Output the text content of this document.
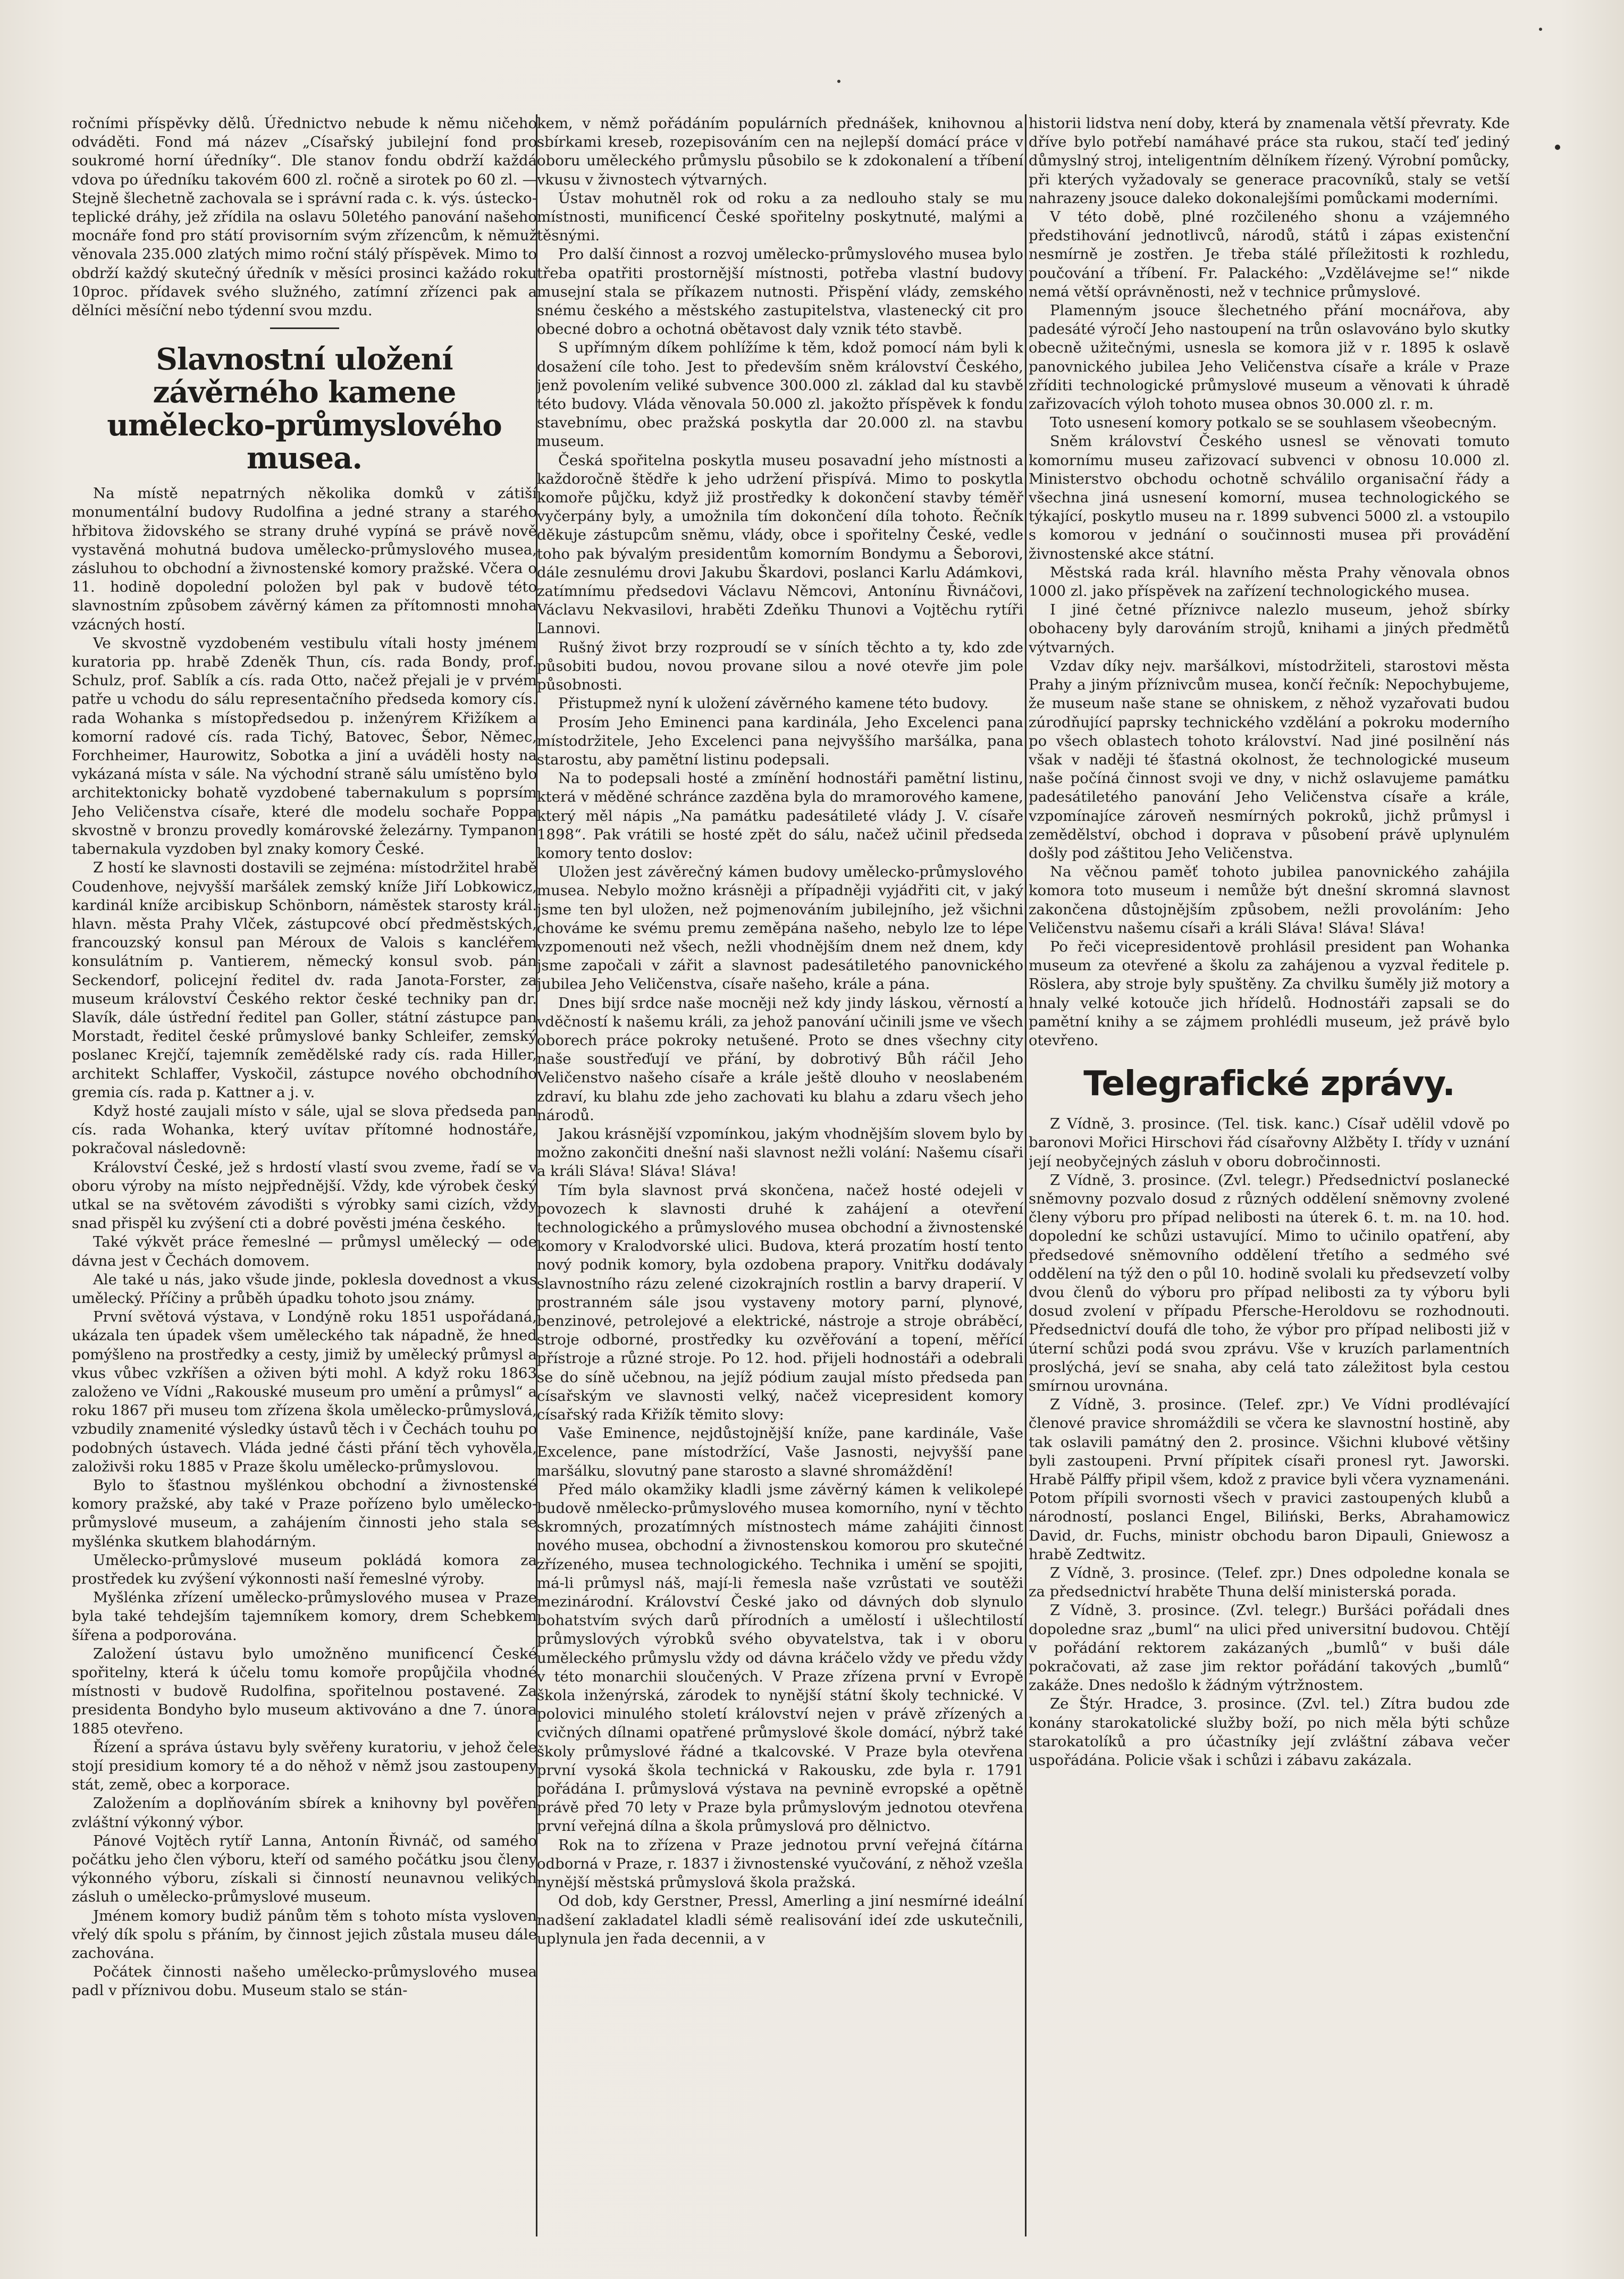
ročními příspěvky dělů. Úřednictvo nebude k němu ničeho odváděti. Fond má název „Císařský jubilejní fond pro soukromé horní úředníky“. Dle stanov fondu obdrží každá vdova po úředníku takovém 600 zl. ročně a sirotek po 60 zl. — Stejně šlechetně zachovala se i správní rada c. k. výs. ústecko-teplické dráhy, jež zřídila na oslavu 50letého panování našeho mocnáře fond pro státí provisorním svým zřízencům, k němuž věnovala 235.000 zlatých mimo roční stálý příspěvek. Mimo to obdrží každý skutečný úředník v měsíci prosinci kažádo roku 10proc. přídavek svého služného, zatímní zřízenci pak a dělníci měsíční nebo týdenní svou mzdu.

Slavnostní uložení závěrného kamene umělecko-průmyslového musea.

Na místě nepatrných několika domků v zátiší monumentální budovy Rudolfina a jedné strany a starého hřbitova židovského se strany druhé vypíná se právě nově vystavěná mohutná budova umělecko-průmyslového musea, zásluhou to obchodní a živnostenské komory pražské. Včera o 11. hodině dopolední položen byl pak v budově této slavnostním způsobem závěrný kámen za přítomnosti mnoha vzácných hostí.

Ve skvostně vyzdobeném vestibulu vítali hosty jménem kuratoria pp. hrabě Zdeněk Thun, cís. rada Bondy, prof. Schulz, prof. Sablík a cís. rada Otto, načež přejali je v prvém patře u vchodu do sálu representačního předseda komory cís. rada Wohanka s místopředsedou p. inženýrem Křižíkem a komorní radové cís. rada Tichý, Batovec, Šebor, Němec, Forchheimer, Haurowitz, Sobotka a jiní a uváděli hosty na vykázaná místa v sále. Na východní straně sálu umístěno bylo architektonicky bohatě vyzdobené tabernakulum s poprsím Jeho Veličenstva císaře, které dle modelu sochaře Poppa skvostně v bronzu provedly komárovské železárny. Tympanon tabernakula vyzdoben byl znaky komory České.

Z hostí ke slavnosti dostavili se zejména: místodržitel hrabě Coudenhove, nejvyšší maršálek zemský kníže Jiří Lobkowicz, kardinál kníže arcibiskup Schönborn, náměstek starosty král. hlavn. města Prahy Vlček, zástupcové obcí předměstských, francouzský konsul pan Méroux de Valois s kancléřem konsulátním p. Vantierem, německý konsul svob. pán Seckendorf, policejní ředitel dv. rada Janota-Forster, za museum království Českého rektor české techniky pan dr. Slavík, dále ústřední ředitel pan Goller, státní zástupce pan Morstadt, ředitel české průmyslové banky Schleifer, zemský poslanec Krejčí, tajemník zemědělské rady cís. rada Hiller, architekt Schlaffer, Vyskočil, zástupce nového obchodního gremia cís. rada p. Kattner a j. v.

Když hosté zaujali místo v sále, ujal se slova předseda pan cís. rada Wohanka, který uvítav přítomné hodnostáře, pokračoval následovně:

Království České, jež s hrdostí vlastí svou zveme, řadí se v oboru výroby na místo nejpřednější. Vždy, kde výrobek český utkal se na světovém závodišti s výrobky sami cizích, vždy snad přispěl ku zvýšení cti a dobré pověsti jména českého.

Také výkvět práce řemeslné — průmysl umělecký — ode dávna jest v Čechách domovem.

Ale také u nás, jako všude jinde, poklesla dovednost a vkus umělecký. Příčiny a průběh úpadku tohoto jsou známy.

První světová výstava, v Londýně roku 1851 uspořádaná, ukázala ten úpadek všem uměleckého tak nápadně, že hned pomýšleno na prostředky a cesty, jimiž by umělecký průmysl a vkus vůbec vzkříšen a oživen býti mohl. A když roku 1863 založeno ve Vídni „Rakouské museum pro umění a průmysl“ a roku 1867 při museu tom zřízena škola umělecko-průmyslová, vzbudily znamenité výsledky ústavů těch i v Čechách touhu po podobných ústavech. Vláda jedné části přání těch vyhověla, založivši roku 1885 v Praze školu umělecko-průmyslovou.

Bylo to šťastnou myšlénkou obchodní a živnostenské komory pražské, aby také v Praze pořízeno bylo umělecko-průmyslové museum, a zahájením činnosti jeho stala se myšlénka skutkem blahodárným.

Umělecko-průmyslové museum pokládá komora za prostředek ku zvýšení výkonnosti naší řemeslné výroby.

Myšlénka zřízení umělecko-průmyslového musea v Praze byla také tehdejším tajemníkem komory, drem Schebkem šířena a podporována.

Založení ústavu bylo umožněno munificencí České spořitelny, která k účelu tomu komoře propůjčila vhodné místnosti v budově Rudolfina, spořitelnou postavené. Za presidenta Bondyho bylo museum aktivováno a dne 7. února 1885 otevřeno.

Řízení a správa ústavu byly svěřeny kuratoriu, v jehož čele stojí presidium komory té a do něhož v němž jsou zastoupeny stát, země, obec a korporace.

Založením a doplňováním sbírek a knihovny byl pověřen zvláštní výkonný výbor.

Pánové Vojtěch rytíř Lanna, Antonín Řivnáč, od samého počátku jeho člen výboru, kteří od samého počátku jsou členy výkonného výboru, získali si činností neunavnou velikých zásluh o umělecko-průmyslové museum.

Jménem komory budiž pánům těm s tohoto místa vysloven vřelý dík spolu s přáním, by činnost jejich zůstala museu dále zachována.

Počátek činnosti našeho umělecko-průmyslového musea padl v příznivou dobu. Museum stalo se stán-

kem, v němž pořádáním populárních přednášek, knihovnou a sbírkami kreseb, rozepisováním cen na nejlepší domácí práce v oboru uměleckého průmyslu působilo se k zdokonalení a tříbení vkusu v živnostech výtvarných.

Ústav mohutněl rok od roku a za nedlouho staly se mu místnosti, munificencí České spořitelny poskytnuté, malými a těsnými.

Pro další činnost a rozvoj umělecko-průmyslového musea bylo třeba opatřiti prostornější místnosti, potřeba vlastní budovy musejní stala se příkazem nutnosti. Přispění vlády, zemského snému českého a městského zastupitelstva, vlastenecký cit pro obecné dobro a ochotná obětavost daly vznik této stavbě.

S upřímným díkem pohlížíme k těm, kdož pomocí nám byli k dosažení cíle toho. Jest to především sněm království Českého, jenž povolením veliké subvence 300.000 zl. základ dal ku stavbě této budovy. Vláda věnovala 50.000 zl. jakožto příspěvek k fondu stavebnímu, obec pražská poskytla dar 20.000 zl. na stavbu museum.

Česká spořitelna poskytla museu posavadní jeho místnosti a každoročně štědře k jeho udržení přispívá. Mimo to poskytla komoře půjčku, když již prostředky k dokončení stavby téměř vyčerpány byly, a umožnila tím dokončení díla tohoto. Řečník děkuje zástupcům sněmu, vlády, obce i spořitelny České, vedle toho pak bývalým presidentům komorním Bondymu a Šeborovi, dále zesnulému drovi Jakubu Škardovi, poslanci Karlu Adámkovi, zatímnímu předsedovi Václavu Němcovi, Antonínu Řivnáčovi, Václavu Nekvasilovi, hraběti Zdeňku Thunovi a Vojtěchu rytíři Lannovi.

Rušný život brzy rozproudí se v síních těchto a ty, kdo zde působiti budou, novou provane silou a nové otevře jim pole působnosti.

Přistupmež nyní k uložení závěrného kamene této budovy.

Prosím Jeho Eminenci pana kardinála, Jeho Excelenci pana místodržitele, Jeho Excelenci pana nejvyššího maršálka, pana starostu, aby pamětní listinu podepsali.

Na to podepsali hosté a zmínění hodnostáři pamětní listinu, která v měděné schránce zazděna byla do mramorového kamene, který měl nápis „Na památku padesátileté vlády J. V. císaře 1898“. Pak vrátili se hosté zpět do sálu, načež učinil předseda komory tento doslov:

Uložen jest závěrečný kámen budovy umělecko-průmyslového musea. Nebylo možno krásněji a případněji vyjádřiti cit, v jaký jsme ten byl uložen, než pojmenováním jubilejního, jež všichni chováme ke svému premu zeměpána našeho, nebylo lze to lépe vzpomenouti než všech, nežli vhodnějším dnem než dnem, kdy jsme započali v zářit a slavnost padesátiletého panovnického jubilea Jeho Veličenstva, císaře našeho, krále a pána.

Dnes bijí srdce naše mocněji než kdy jindy láskou, věrností a vděčností k našemu králi, za jehož panování učinili jsme ve všech oborech práce pokroky netušené. Proto se dnes všechny city naše soustřeďují ve přání, by dobrotivý Bůh ráčil Jeho Veličenstvo našeho císaře a krále ještě dlouho v neoslabeném zdraví, ku blahu zde jeho zachovati ku blahu a zdaru všech jeho národů.

Jakou krásnější vzpomínkou, jakým vhodnějším slovem bylo by možno zakončiti dnešní naši slavnost nežli volání: Našemu císaři a králi Sláva! Sláva! Sláva!

Tím byla slavnost prvá skončena, načež hosté odejeli v povozech k slavnosti druhé k zahájení a otevření technologického a průmyslového musea obchodní a živnostenské komory v Kralodvorské ulici. Budova, která prozatím hostí tento nový podnik komory, byla ozdobena prapory. Vnitřku dodávaly slavnostního rázu zelené cizokrajních rostlin a barvy draperií. V prostranném sále jsou vystaveny motory parní, plynové, benzinové, petrolejové a elektrické, nástroje a stroje obráběcí, stroje odborné, prostředky ku ozvěřování a topení, měřící přístroje a různé stroje. Po 12. hod. přijeli hodnostáři a odebrali se do síně učebnou, na jejíž pódium zaujal místo předseda pan císařským ve slavnosti velký, načež vicepresident komory císařský rada Křižík těmito slovy:

Vaše Eminence, nejdůstojnější kníže, pane kardinále, Vaše Excelence, pane místodržící, Vaše Jasnosti, nejvyšší pane maršálku, slovutný pane starosto a slavné shromáždění!

Před málo okamžiky kladli jsme závěrný kámen k velikolepé budově nmělecko-průmyslového musea komorního, nyní v těchto skromných, prozatímných místnostech máme zahájiti činnost nového musea, obchodní a živnostenskou komorou pro skutečné zřízeného, musea technologického. Technika i umění se spojiti, má-li průmysl náš, mají-li řemesla naše vzrůstati ve soutěži mezinárodní. Království České jako od dávných dob slynulo bohatstvím svých darů přírodních a umělostí i ušlechtilostí průmyslových výrobků svého obyvatelstva, tak i v oboru uměleckého průmyslu vždy od dávna kráčelo vždy ve předu vždy v této monarchii sloučených. V Praze zřízena první v Evropě škola inženýrská, zárodek to nynější státní školy technické. V polovici minulého století království nejen v právě zřízených a cvičných dílnami opatřené průmyslové škole domácí, nýbrž také školy průmyslové řádné a tkalcovské. V Praze byla otevřena první vysoká škola technická v Rakousku, zde byla r. 1791 pořádána I. průmyslová výstava na pevnině evropské a opětně právě před 70 lety v Praze byla průmyslovým jednotou otevřena první veřejná dílna a škola průmyslová pro dělnictvo.

Rok na to zřízena v Praze jednotou první veřejná čítárna odborná v Praze, r. 1837 i živnostenské vyučování, z něhož vzešla nynější městská průmyslová škola pražská.

Od dob, kdy Gerstner, Pressl, Amerling a jiní nesmírné ideální nadšení zakladatel kladli sémě realisování ideí zde uskutečnili, uplynula jen řada decennii, a v

historii lidstva není doby, která by znamenala větší převraty. Kde dříve bylo potřebí namáhavé práce sta rukou, stačí teď jediný důmyslný stroj, inteligentním dělníkem řízený. Výrobní pomůcky, při kterých vyžadovaly se generace pracovníků, staly se vetší nahrazeny jsouce daleko dokonalejšími pomůckami moderními.

V této době, plné rozčileného shonu a vzájemného předstihování jednotlivců, národů, států i zápas existenční nesmírně je zostřen. Je třeba stálé příležitosti k rozhledu, poučování a tříbení. Fr. Palackého: „Vzdělávejme se!“ nikde nemá větší oprávněnosti, než v technice průmyslové.

Plamenným jsouce šlechetného přání mocnářova, aby padesáté výročí Jeho nastoupení na trůn oslavováno bylo skutky obecně užitečnými, usnesla se komora již v r. 1895 k oslavě panovnického jubilea Jeho Veličenstva císaře a krále v Praze zříditi technologické průmyslové museum a věnovati k úhradě zařizovacích výloh tohoto musea obnos 30.000 zl. r. m.

Toto usnesení komory potkalo se se souhlasem všeobecným.

Sněm království Českého usnesl se věnovati tomuto komornímu museu zařizovací subvenci v obnosu 10.000 zl. Ministerstvo obchodu ochotně schválilo organisační řády a všechna jiná usnesení komorní, musea technologického se týkající, poskytlo museu na r. 1899 subvenci 5000 zl. a vstoupilo s komorou v jednání o součinnosti musea při provádění živnostenské akce státní.

Městská rada král. hlavního města Prahy věnovala obnos 1000 zl. jako příspěvek na zařízení technologického musea.

I jiné četné příznivce nalezlo museum, jehož sbírky obohaceny byly darováním strojů, knihami a jiných předmětů výtvarných.

Vzdav díky nejv. maršálkovi, místodržiteli, starostovi města Prahy a jiným příznivcům musea, končí řečník: Nepochybujeme, že museum naše stane se ohniskem, z něhož vyzařovati budou zúrodňující paprsky technického vzdělání a pokroku moderního po všech oblastech tohoto království. Nad jiné posilnění nás však v naději té šťastná okolnost, že technologické museum naše počíná činnost svoji ve dny, v nichž oslavujeme památku padesátiletého panování Jeho Veličenstva císaře a krále, vzpomínajíce zároveň nesmírných pokroků, jichž průmysl i zemědělství, obchod i doprava v působení právě uplynulém došly pod záštitou Jeho Veličenstva.

Na věčnou paměť tohoto jubilea panovnického zahájila komora toto museum i nemůže být dnešní skromná slavnost zakončena důstojnějším způsobem, nežli provoláním: Jeho Veličenstvu našemu císaři a králi Sláva! Sláva! Sláva!

Po řeči vicepresidentově prohlásil president pan Wohanka museum za otevřené a školu za zahájenou a vyzval ředitele p. Röslera, aby stroje byly spuštěny. Za chvilku šuměly již motory a hnaly velké kotouče jich hřídelů. Hodnostáři zapsali se do pamětní knihy a se zájmem prohlédli museum, jež právě bylo otevřeno.

Telegrafické zprávy.

Z Vídně, 3. prosince. (Tel. tisk. kanc.) Císař udělil vdově po baronovi Mořici Hirschovi řád císařovny Alžběty I. třídy v uznání její neobyčejných zásluh v oboru dobročinnosti.

Z Vídně, 3. prosince. (Zvl. telegr.) Předsednictví poslanecké sněmovny pozvalo dosud z různých oddělení sněmovny zvolené členy výboru pro případ nelibosti na úterek 6. t. m. na 10. hod. dopolední ke schůzi ustavující. Mimo to učinilo opatření, aby předsedové sněmovního oddělení třetího a sedmého své oddělení na týž den o půl 10. hodině svolali ku předsevzetí volby dvou členů do výboru pro případ nelibosti za ty výboru byli dosud zvolení v případu Pfersche-Heroldovu se rozhodnouti. Předsednictví doufá dle toho, že výbor pro případ nelibosti již v úterní schůzi podá svou zprávu. Vše v kruzích parlamentních proslýchá, jeví se snaha, aby celá tato záležitost byla cestou smírnou urovnána.

Z Vídně, 3. prosince. (Telef. zpr.) Ve Vídni prodlévající členové pravice shromáždili se včera ke slavnostní hostině, aby tak oslavili památný den 2. prosince. Všichni klubové většiny byli zastoupeni. První přípitek císaři pronesl ryt. Jaworski. Hrabě Pálffy připil všem, kdož z pravice byli včera vyznamenáni. Potom přípili svornosti všech v pravici zastoupených klubů a národností, poslanci Engel, Biliński, Berks, Abrahamowicz David, dr. Fuchs, ministr obchodu baron Dipauli, Gniewosz a hrabě Zedtwitz.

Z Vídně, 3. prosince. (Telef. zpr.) Dnes odpoledne konala se za předsednictví hraběte Thuna delší ministerská porada.

Z Vídně, 3. prosince. (Zvl. telegr.) Buršáci pořádali dnes dopoledne sraz „buml“ na ulici před universitní budovou. Chtějí v pořádání rektorem zakázaných „bumlů“ v buši dále pokračovati, až zase jim rektor pořádání takových „bumlů“ zakáže. Dnes nedošlo k žádným výtržnostem.

Ze Štýr. Hradce, 3. prosince. (Zvl. tel.) Zítra budou zde konány starokatolické služby boží, po nich měla býti schůze starokatolíků a pro účastníky její zvláštní zábava večer uspořádána. Policie však i schůzi i zábavu zakázala.
